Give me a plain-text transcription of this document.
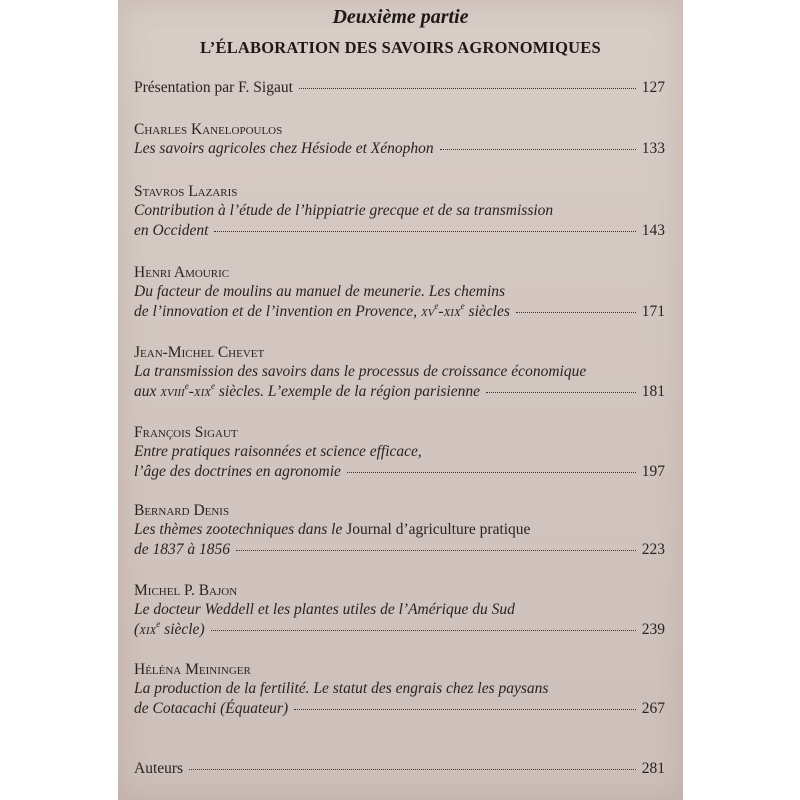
Deuxième partie
L’ÉLABORATION DES SAVOIRS AGRONOMIQUES
Présentation par F. Sigaut	127
Charles Kanelopoulos
Les savoirs agricoles chez Hésiode et Xénophon	133
Stavros Lazaris
Contribution à l’étude de l’hippiatrie grecque et de sa transmission
en Occident	143
Henri Amouric
Du facteur de moulins au manuel de meunerie. Les chemins
de l’innovation et de l’invention en Provence, $xv^e-xix^e$ siècles	171
Jean-Michel Chevet
La transmission des savoirs dans le processus de croissance économique
aux xviii$^e$-xix$^e$ siècles. L’exemple de la région parisienne	181
François Sigaut
Entre pratiques raisonnées et science efficace,
l’âge des doctrines en agronomie	197
Bernard Denis
Les thèmes zootechniques dans le Journal d’agriculture pratique
de 1837 à 1856	223
Michel P. Bajon
Le docteur Weddell et les plantes utiles de l’Amérique du Sud
(xix$^e$ siècle)	239
Héléna Meininger
La production de la fertilité. Le statut des engrais chez les paysans
de Cotacachi (Équateur)	267
Auteurs	281
